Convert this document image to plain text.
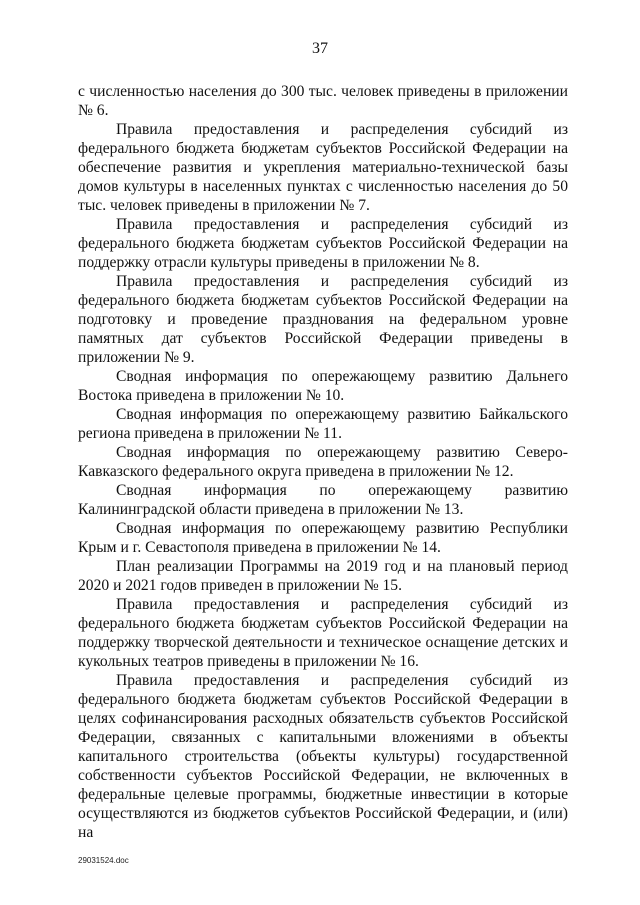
37

с численностью населения до 300 тыс. человек приведены в приложении № 6.

Правила предоставления и распределения субсидий из федерального бюджета бюджетам субъектов Российской Федерации на обеспечение развития и укрепления материально-технической базы домов культуры в населенных пунктах с численностью населения до 50 тыс. человек приведены в приложении № 7.

Правила предоставления и распределения субсидий из федерального бюджета бюджетам субъектов Российской Федерации на поддержку отрасли культуры приведены в приложении № 8.

Правила предоставления и распределения субсидий из федерального бюджета бюджетам субъектов Российской Федерации на подготовку и проведение празднования на федеральном уровне памятных дат субъектов Российской Федерации приведены в приложении № 9.

Сводная информация по опережающему развитию Дальнего Востока приведена в приложении № 10.

Сводная информация по опережающему развитию Байкальского региона приведена в приложении № 11.

Сводная информация по опережающему развитию Северо-Кавказского федерального округа приведена в приложении № 12.

Сводная информация по опережающему развитию Калининградской области приведена в приложении № 13.

Сводная информация по опережающему развитию Республики Крым и г. Севастополя приведена в приложении № 14.

План реализации Программы на 2019 год и на плановый период 2020 и 2021 годов приведен в приложении № 15.

Правила предоставления и распределения субсидий из федерального бюджета бюджетам субъектов Российской Федерации на поддержку творческой деятельности и техническое оснащение детских и кукольных театров приведены в приложении № 16.

Правила предоставления и распределения субсидий из федерального бюджета бюджетам субъектов Российской Федерации в целях софинансирования расходных обязательств субъектов Российской Федерации, связанных с капитальными вложениями в объекты капитального строительства (объекты культуры) государственной собственности субъектов Российской Федерации, не включенных в федеральные целевые программы, бюджетные инвестиции в которые осуществляются из бюджетов субъектов Российской Федерации, и (или) на

29031524.doc
